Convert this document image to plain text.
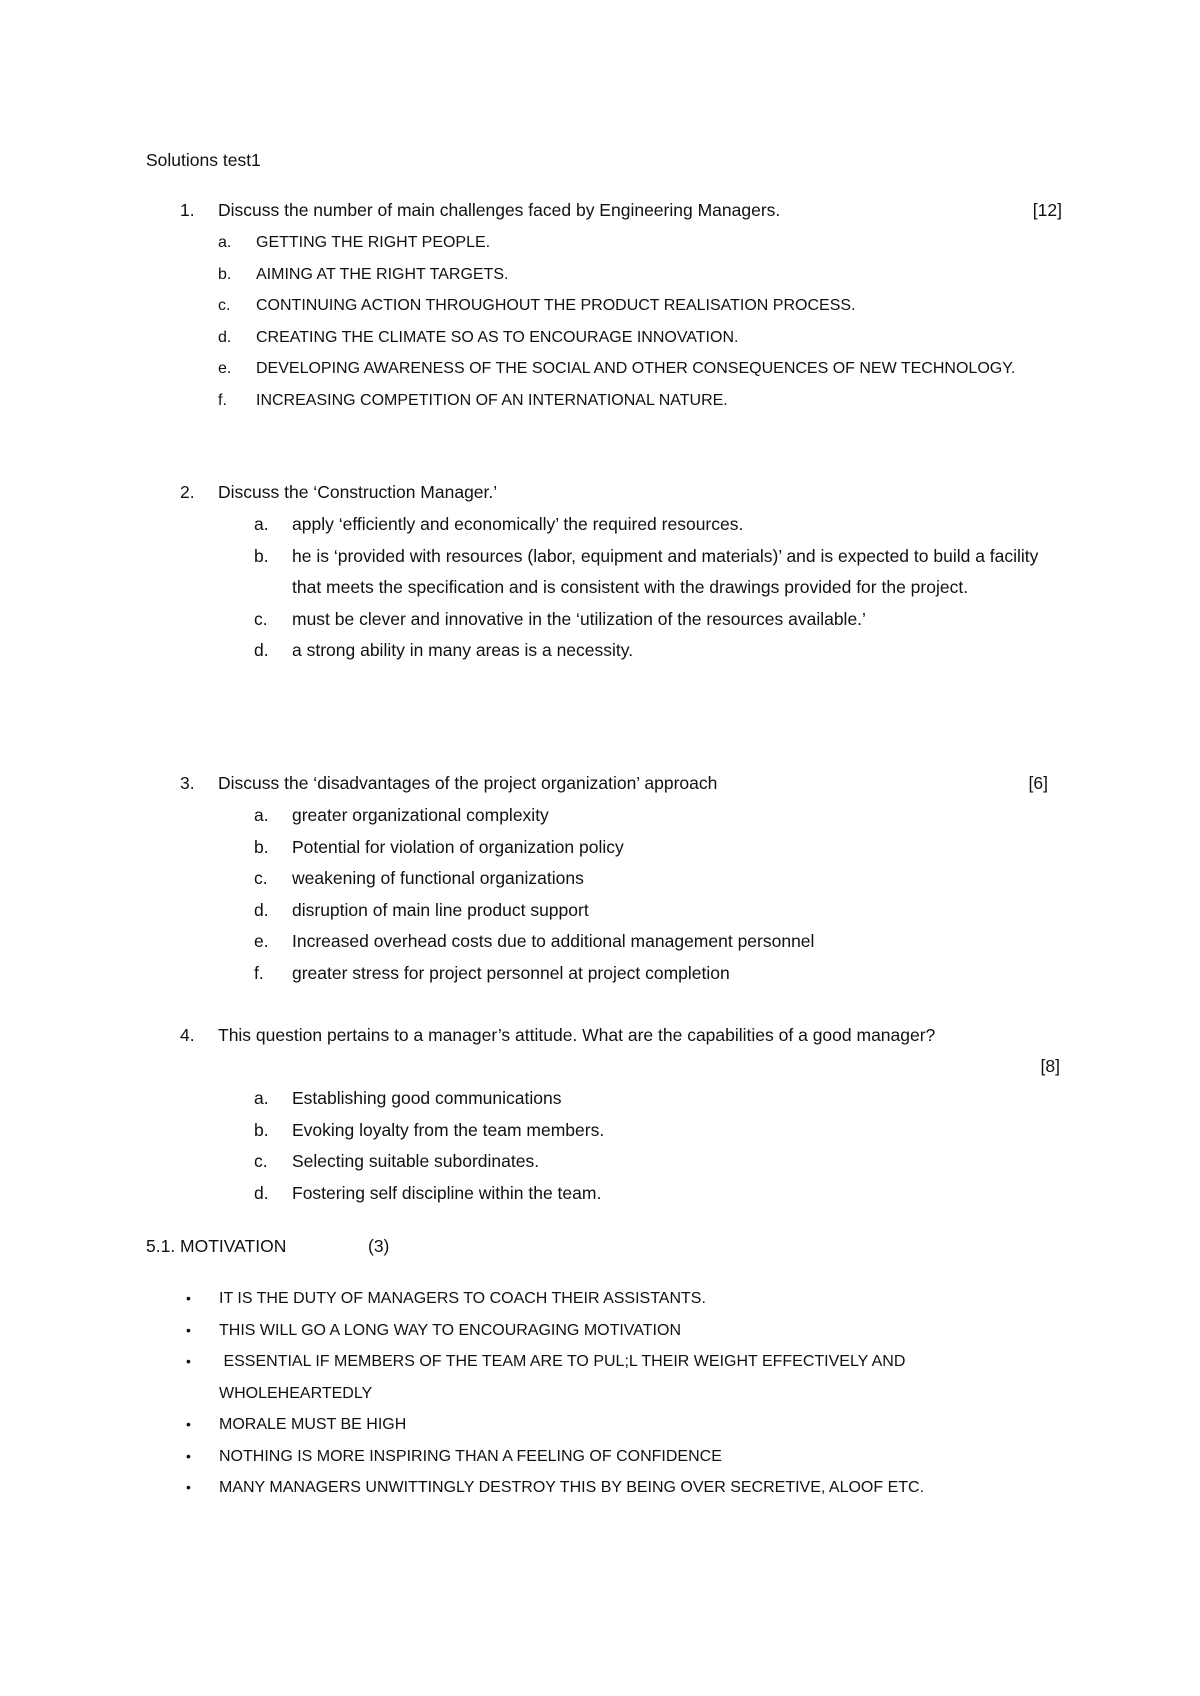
Solutions test1
1. Discuss the number of main challenges faced by Engineering Managers.	[12]
a. GETTING THE RIGHT PEOPLE.
b. AIMING AT THE RIGHT TARGETS.
c. CONTINUING ACTION THROUGHOUT THE PRODUCT REALISATION PROCESS.
d. CREATING THE CLIMATE SO AS TO ENCOURAGE INNOVATION.
e. DEVELOPING AWARENESS OF THE SOCIAL AND OTHER CONSEQUENCES OF NEW TECHNOLOGY.
f. INCREASING COMPETITION OF AN INTERNATIONAL NATURE.
2. Discuss the ‘Construction Manager.’
a. apply ‘efficiently and economically’ the required resources.
b. he is ‘provided with resources (labor, equipment and materials)’ and is expected to build a facility that meets the specification and is consistent with the drawings provided for the project.
c. must be clever and innovative in the ‘utilization of the resources available.’
d. a strong ability in many areas is a necessity.
3. Discuss the ‘disadvantages of the project organization’ approach	[6]
a. greater organizational complexity
b. Potential for violation of organization policy
c. weakening of functional organizations
d. disruption of main line product support
e. Increased overhead costs due to additional management personnel
f. greater stress for project personnel at project completion
4. This question pertains to a manager’s attitude. What are the capabilities of a good manager?
[8]
a. Establishing good communications
b. Evoking loyalty from the team members.
c. Selecting suitable subordinates.
d. Fostering self discipline within the team.
5.1. MOTIVATION	(3)
• IT IS THE DUTY OF MANAGERS TO COACH THEIR ASSISTANTS.
• THIS WILL GO A LONG WAY TO ENCOURAGING MOTIVATION
• ESSENTIAL IF MEMBERS OF THE TEAM ARE TO PUL;L THEIR WEIGHT EFFECTIVELY AND WHOLEHEARTEDLY
• MORALE MUST BE HIGH
• NOTHING IS MORE INSPIRING THAN A FEELING OF CONFIDENCE
• MANY MANAGERS UNWITTINGLY DESTROY THIS BY BEING OVER SECRETIVE, ALOOF ETC.
